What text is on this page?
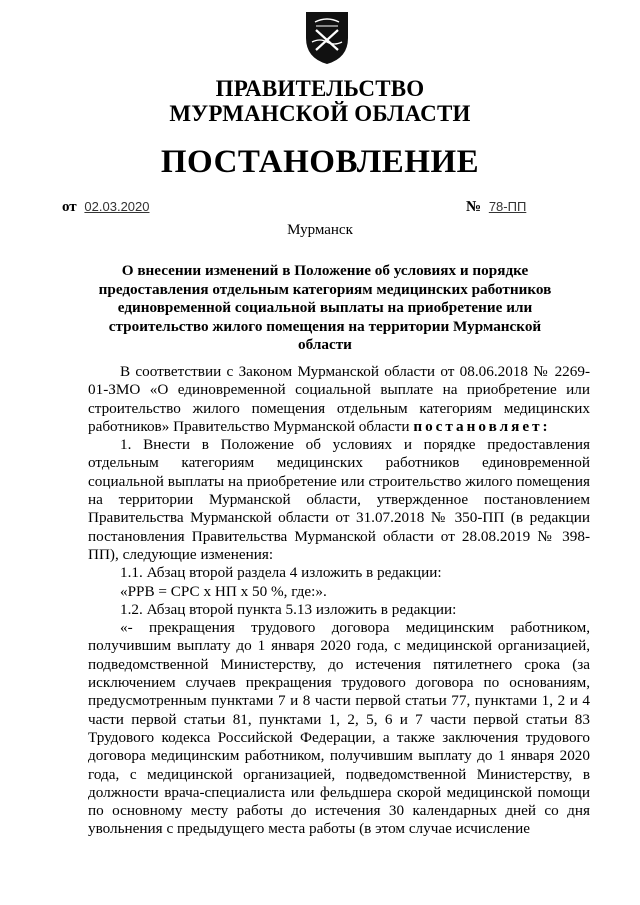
ПРАВИТЕЛЬСТВО
МУРМАНСКОЙ ОБЛАСТИ
ПОСТАНОВЛЕНИЕ
от 02.03.2020	№ 78-ПП
Мурманск
О внесении изменений в Положение об условиях и порядке предоставления отдельным категориям медицинских работников единовременной социальной выплаты на приобретение или строительство жилого помещения на территории Мурманской области

В соответствии с Законом Мурманской области от 08.06.2018 № 2269-01-ЗМО «О единовременной социальной выплате на приобретение или строительство жилого помещения отдельным категориям медицинских работников» Правительство Мурманской области постановляет:

1. Внести в Положение об условиях и порядке предоставления отдельным категориям медицинских работников единовременной социальной выплаты на приобретение или строительство жилого помещения на территории Мурманской области, утвержденное постановлением Правительства Мурманской области от 31.07.2018 № 350-ПП (в редакции постановления Правительства Мурманской области от 28.08.2019 № 398-ПП), следующие изменения:

1.1. Абзац второй раздела 4 изложить в редакции:

«РРВ = СРС х НП х 50 %, где:».

1.2. Абзац второй пункта 5.13 изложить в редакции:

«- прекращения трудового договора медицинским работником, получившим выплату до 1 января 2020 года, с медицинской организацией, подведомственной Министерству, до истечения пятилетнего срока (за исключением случаев прекращения трудового договора по основаниям, предусмотренным пунктами 7 и 8 части первой статьи 77, пунктами 1, 2 и 4 части первой статьи 81, пунктами 1, 2, 5, 6 и 7 части первой статьи 83 Трудового кодекса Российской Федерации, а также заключения трудового договора медицинским работником, получившим выплату до 1 января 2020 года, с медицинской организацией, подведомственной Министерству, в должности врача-специалиста или фельдшера скорой медицинской помощи по основному месту работы до истечения 30 календарных дней со дня увольнения с предыдущего места работы (в этом случае исчисление
